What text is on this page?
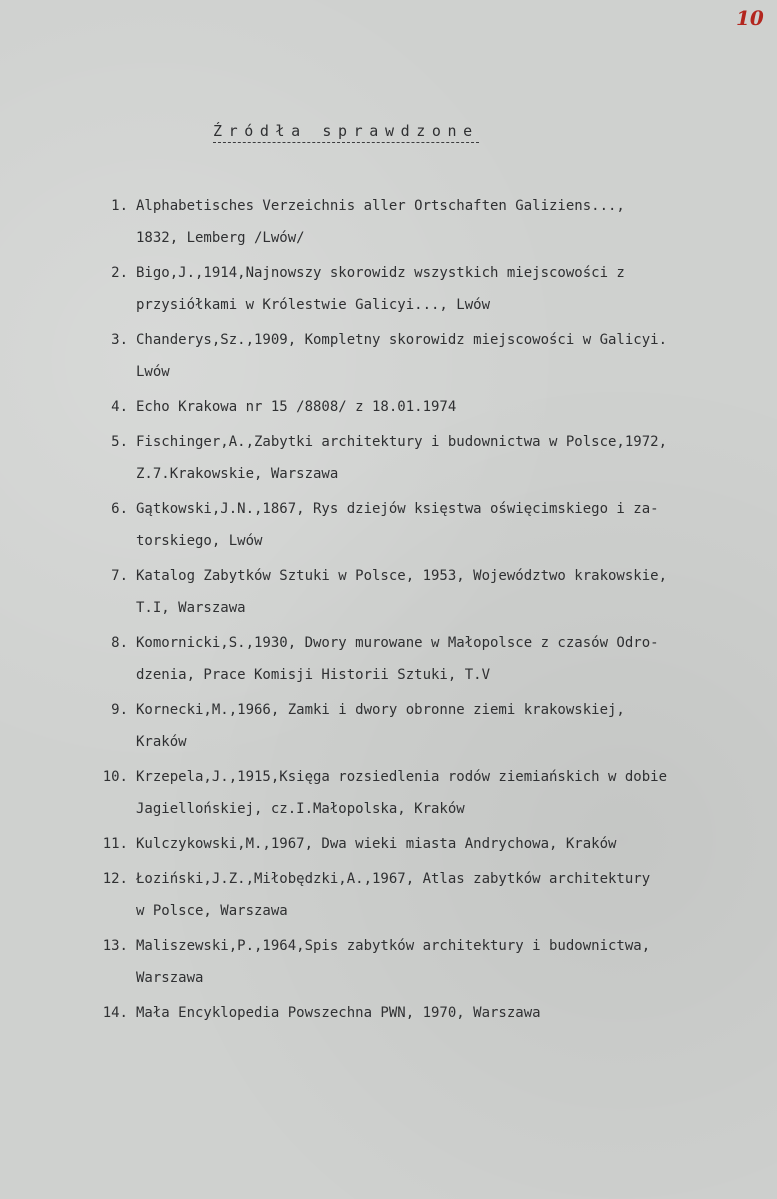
10
Źródła sprawdzone
1. Alphabetisches Verzeichnis aller Ortschaften Galiziens...,
1832, Lemberg /Lwów/
2. Bigo,J.,1914,Najnowszy skorowidz wszystkich miejscowości z
przysiółkami w Królestwie Galicyi..., Lwów
3. Chanderys,Sz.,1909, Kompletny skorowidz miejscowości w Galicyi.
Lwów
4. Echo Krakowa nr 15 /8808/ z 18.01.1974
5. Fischinger,A.,Zabytki architektury i budownictwa w Polsce,1972,
Z.7.Krakowskie, Warszawa
6. Gątkowski,J.N.,1867, Rys dziejów księstwa oświęcimskiego i za-
torskiego, Lwów
7. Katalog Zabytków Sztuki w Polsce, 1953, Województwo krakowskie,
T.I, Warszawa
8. Komornicki,S.,1930, Dwory murowane w Małopolsce z czasów Odro-
dzenia, Prace Komisji Historii Sztuki, T.V
9. Kornecki,M.,1966, Zamki i dwory obronne ziemi krakowskiej,
Kraków
10. Krzepela,J.,1915,Księga rozsiedlenia rodów ziemiańskich w dobie
Jagiellońskiej, cz.I.Małopolska, Kraków
11. Kulczykowski,M.,1967, Dwa wieki miasta Andrychowa, Kraków
12. Łoziński,J.Z.,Miłobędzki,A.,1967, Atlas zabytków architektury
w Polsce, Warszawa
13. Maliszewski,P.,1964,Spis zabytków architektury i budownictwa,
Warszawa
14. Mała Encyklopedia Powszechna PWN, 1970, Warszawa
